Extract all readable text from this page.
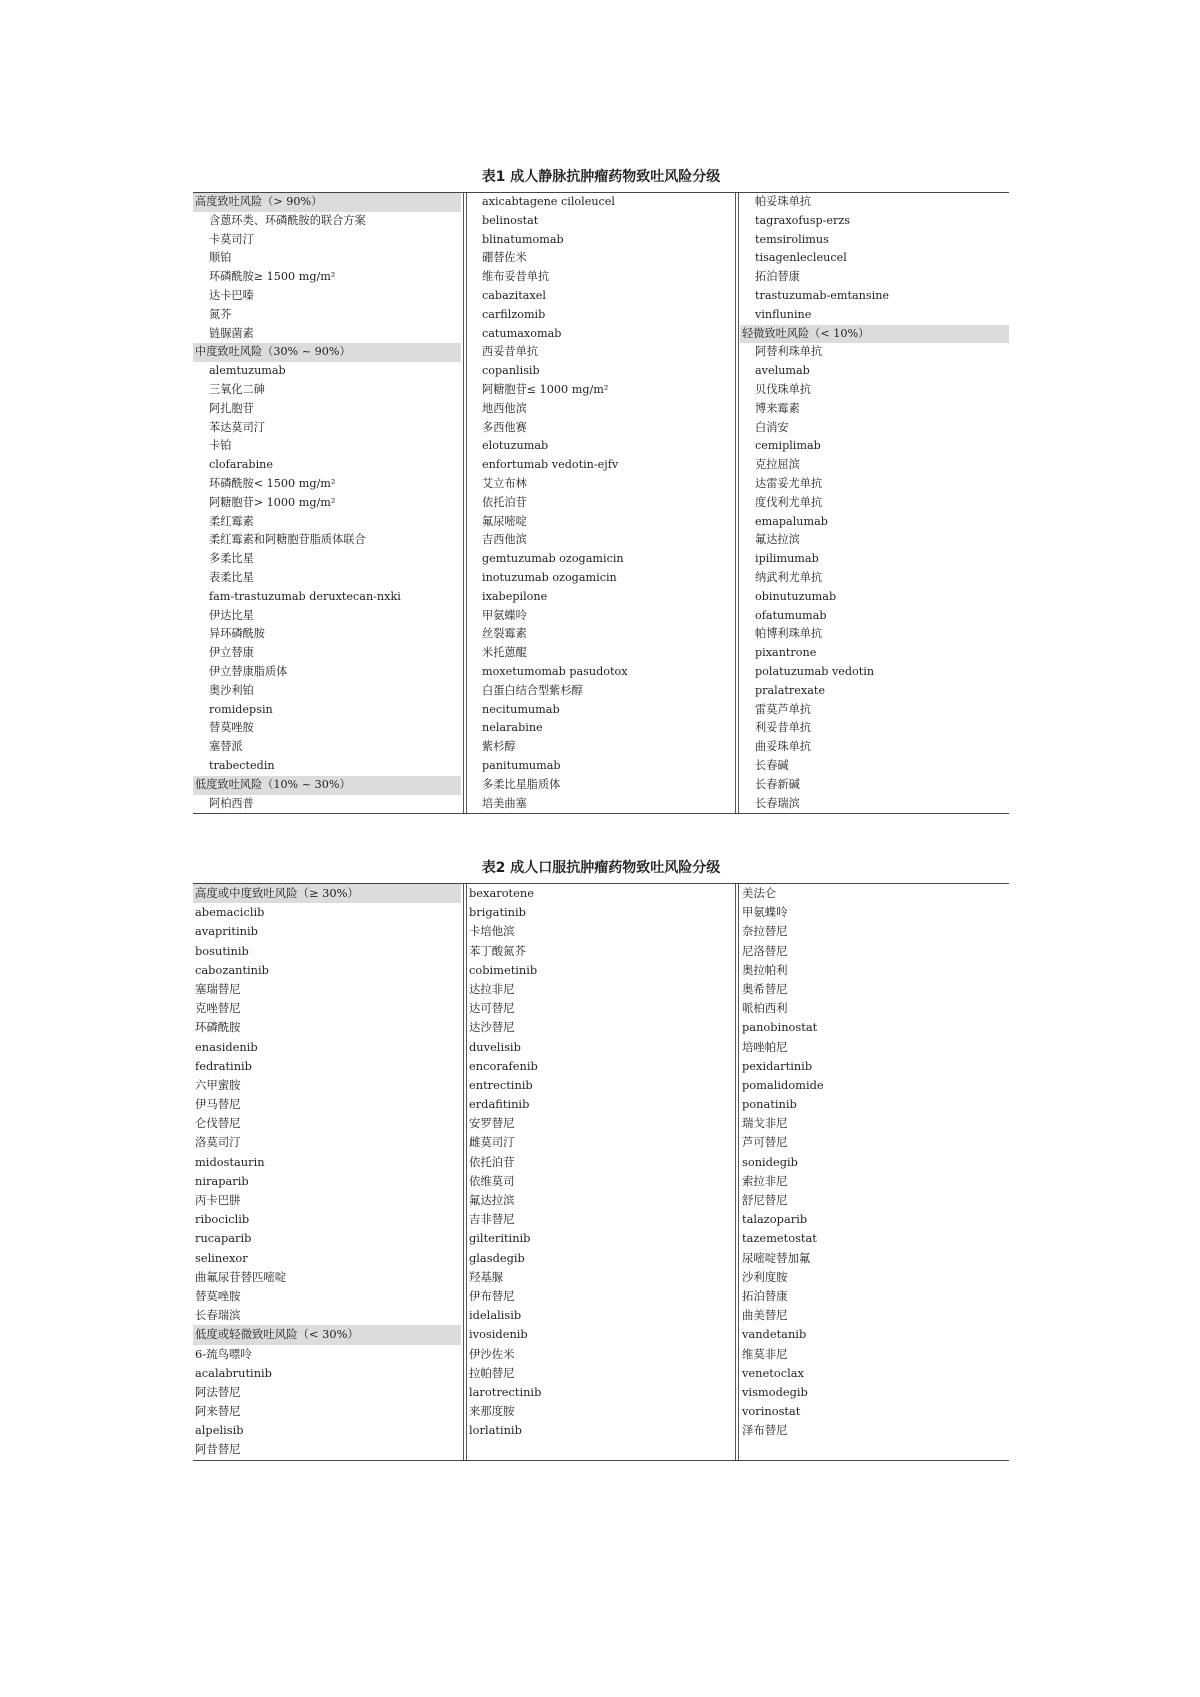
表1 成人静脉抗肿瘤药物致吐风险分级
高度致吐风险（> 90%）
含蒽环类、环磷酰胺的联合方案
卡莫司汀
顺铂
环磷酰胺≥ 1500 mg/m²
达卡巴嗪
氮芥
链脲菌素
中度致吐风险（30% ~ 90%）
alemtuzumab
三氧化二砷
阿扎胞苷
苯达莫司汀
卡铂
clofarabine
环磷酰胺< 1500 mg/m²
阿糖胞苷> 1000 mg/m²
柔红霉素
柔红霉素和阿糖胞苷脂质体联合
多柔比星
表柔比星
fam-trastuzumab deruxtecan-nxki
伊达比星
异环磷酰胺
伊立替康
伊立替康脂质体
奥沙利铂
romidepsin
替莫唑胺
塞替派
trabectedin
低度致吐风险（10% ~ 30%）
阿柏西普
axicabtagene ciloleucel
belinostat
blinatumomab
硼替佐米
维布妥昔单抗
cabazitaxel
carfilzomib
catumaxomab
西妥昔单抗
copanlisib
阿糖胞苷≤ 1000 mg/m²
地西他滨
多西他赛
elotuzumab
enfortumab vedotin-ejfv
艾立布林
依托泊苷
氟尿嘧啶
吉西他滨
gemtuzumab ozogamicin
inotuzumab ozogamicin
ixabepilone
甲氨蝶呤
丝裂霉素
米托蒽醌
moxetumomab pasudotox
白蛋白结合型紫杉醇
necitumumab
nelarabine
紫杉醇
panitumumab
多柔比星脂质体
培美曲塞
帕妥珠单抗
tagraxofusp-erzs
temsirolimus
tisagenlecleucel
拓泊替康
trastuzumab-emtansine
vinflunine
轻微致吐风险（< 10%）
阿替利珠单抗
avelumab
贝伐珠单抗
博来霉素
白消安
cemiplimab
克拉屈滨
达雷妥尤单抗
度伐利尤单抗
emapalumab
氟达拉滨
ipilimumab
纳武利尤单抗
obinutuzumab
ofatumumab
帕博利珠单抗
pixantrone
polatuzumab vedotin
pralatrexate
雷莫芦单抗
利妥昔单抗
曲妥珠单抗
长春碱
长春新碱
长春瑞滨
表2 成人口服抗肿瘤药物致吐风险分级
高度或中度致吐风险（≥ 30%）
abemaciclib
avapritinib
bosutinib
cabozantinib
塞瑞替尼
克唑替尼
环磷酰胺
enasidenib
fedratinib
六甲蜜胺
伊马替尼
仑伐替尼
洛莫司汀
midostaurin
niraparib
丙卡巴肼
ribociclib
rucaparib
selinexor
曲氟尿苷替匹嘧啶
替莫唑胺
长春瑞滨
低度或轻微致吐风险（< 30%）
6-巯鸟嘌呤
acalabrutinib
阿法替尼
阿来替尼
alpelisib
阿昔替尼
bexarotene
brigatinib
卡培他滨
苯丁酸氮芥
cobimetinib
达拉非尼
达可替尼
达沙替尼
duvelisib
encorafenib
entrectinib
erdafitinib
安罗替尼
雌莫司汀
依托泊苷
依维莫司
氟达拉滨
吉非替尼
gilteritinib
glasdegib
羟基脲
伊布替尼
idelalisib
ivosidenib
伊沙佐米
拉帕替尼
larotrectinib
来那度胺
lorlatinib
美法仑
甲氨蝶呤
奈拉替尼
尼洛替尼
奥拉帕利
奥希替尼
哌柏西利
panobinostat
培唑帕尼
pexidartinib
pomalidomide
ponatinib
瑞戈非尼
芦可替尼
sonidegib
索拉非尼
舒尼替尼
talazoparib
tazemetostat
尿嘧啶替加氟
沙利度胺
拓泊替康
曲美替尼
vandetanib
维莫非尼
venetoclax
vismodegib
vorinostat
泽布替尼
